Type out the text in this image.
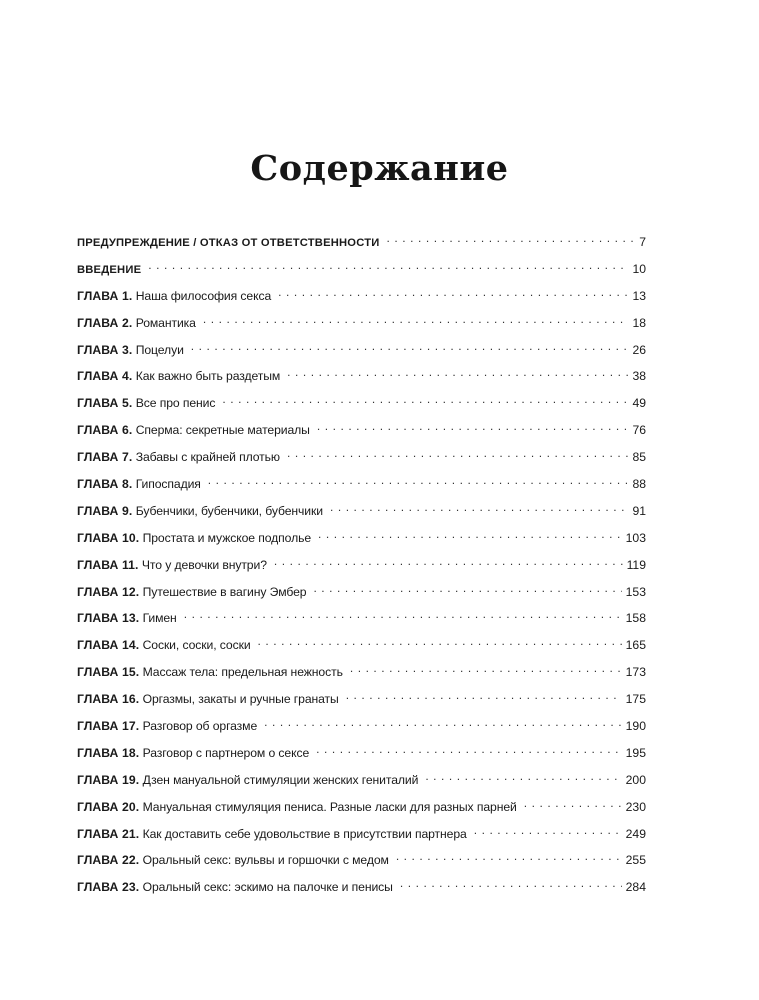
Содержание
ПРЕДУПРЕЖДЕНИЕ / ОТКАЗ ОТ ОТВЕТСТВЕННОСТИ . . .	7
ВВЕДЕНИЕ . . .	10
ГЛАВА 1. Наша философия секса . . .	13
ГЛАВА 2. Романтика . . .	18
ГЛАВА 3. Поцелуи . . .	26
ГЛАВА 4. Как важно быть раздетым . . .	38
ГЛАВА 5. Все про пенис . . .	49
ГЛАВА 6. Сперма: секретные материалы . . .	76
ГЛАВА 7. Забавы с крайней плотью . . .	85
ГЛАВА 8. Гипоспадия . . .	88
ГЛАВА 9. Бубенчики, бубенчики, бубенчики . . .	91
ГЛАВА 10. Простата и мужское подполье . . .	103
ГЛАВА 11. Что у девочки внутри? . . .	119
ГЛАВА 12. Путешествие в вагину Эмбер . . .	153
ГЛАВА 13. Гимен . . .	158
ГЛАВА 14. Соски, соски, соски . . .	165
ГЛАВА 15. Массаж тела: предельная нежность . . .	173
ГЛАВА 16. Оргазмы, закаты и ручные гранаты . . .	175
ГЛАВА 17. Разговор об оргазме . . .	190
ГЛАВА 18. Разговор с партнером о сексе . . .	195
ГЛАВА 19. Дзен мануальной стимуляции женских гениталий . . .	200
ГЛАВА 20. Мануальная стимуляция пениса. Разные ласки для разных парней . . .	230
ГЛАВА 21. Как доставить себе удовольствие в присутствии партнера . . .	249
ГЛАВА 22. Оральный секс: вульвы и горшочки с медом . . .	255
ГЛАВА 23. Оральный секс: эскимо на палочке и пенисы . . .	284
